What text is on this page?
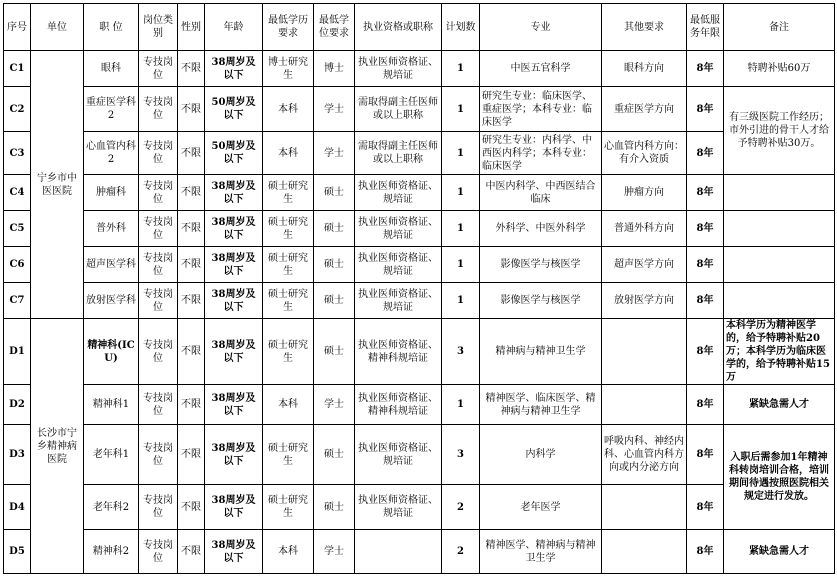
序号	单位	职 位	岗位类别	性别	年龄	最低学历要求	最低学位要求	执业资格或职称	计划数	专业	其他要求	最低服务年限	备注
C1	宁乡市中医医院	眼科	专技岗位	不限	38周岁及以下	博士研究生	博士	执业医师资格证、规培证	1	中医五官科学	眼科方向	8年	特聘补贴60万
C2		重症医学科2	专技岗位	不限	50周岁及以下	本科	学士	需取得副主任医师或以上职称	1	研究生专业：临床医学、重症医学；本科专业：临床医学	重症医学方向	8年	有三级医院工作经历；市外引进的骨干人才给予特聘补贴30万。
C3		心血管内科2	专技岗位	不限	50周岁及以下	本科	学士	需取得副主任医师或以上职称	1	研究生专业：内科学、中西医内科学；本科专业：临床医学	心血管内科方向：有介入资质	8年	
C4		肿瘤科	专技岗位	不限	38周岁及以下	硕士研究生	硕士	执业医师资格证、规培证	1	中医内科学、中西医结合临床	肿瘤方向	8年	
C5		普外科	专技岗位	不限	38周岁及以下	硕士研究生	硕士	执业医师资格证、规培证	1	外科学、中医外科学	普通外科方向	8年	
C6		超声医学科	专技岗位	不限	38周岁及以下	硕士研究生	硕士	执业医师资格证、规培证	1	影像医学与核医学	超声医学方向	8年	
C7		放射医学科	专技岗位	不限	38周岁及以下	硕士研究生	硕士	执业医师资格证、规培证	1	影像医学与核医学	放射医学方向	8年	
D1	长沙市宁乡精神病医院	精神科(ICU)	专技岗位	不限	38周岁及以下	硕士研究生	硕士	执业医师资格证、精神科规培证	3	精神病与精神卫生学		8年	本科学历为精神医学的，给予特聘补贴20万；本科学历为临床医学的，给予特聘补贴15万
D2		精神科1	专技岗位	不限	38周岁及以下	本科	学士	执业医师资格证、精神科规培证	1	精神医学、临床医学、精神病与精神卫生学		8年	紧缺急需人才
D3		老年科1	专技岗位	不限	38周岁及以下	硕士研究生	硕士	执业医师资格证、规培证	3	内科学	呼吸内科、神经内科、心血管内科方向或内分泌方向	8年	入职后需参加1年精神科转岗培训合格，培训期间待遇按照医院相关规定进行发放。
D4		老年科2	专技岗位	不限	38周岁及以下	硕士研究生	硕士	执业医师资格证、规培证	2	老年医学		8年	
D5		精神科2	专技岗位	不限	38周岁及以下	本科	学士		2	精神医学、精神病与精神卫生学		8年	紧缺急需人才
